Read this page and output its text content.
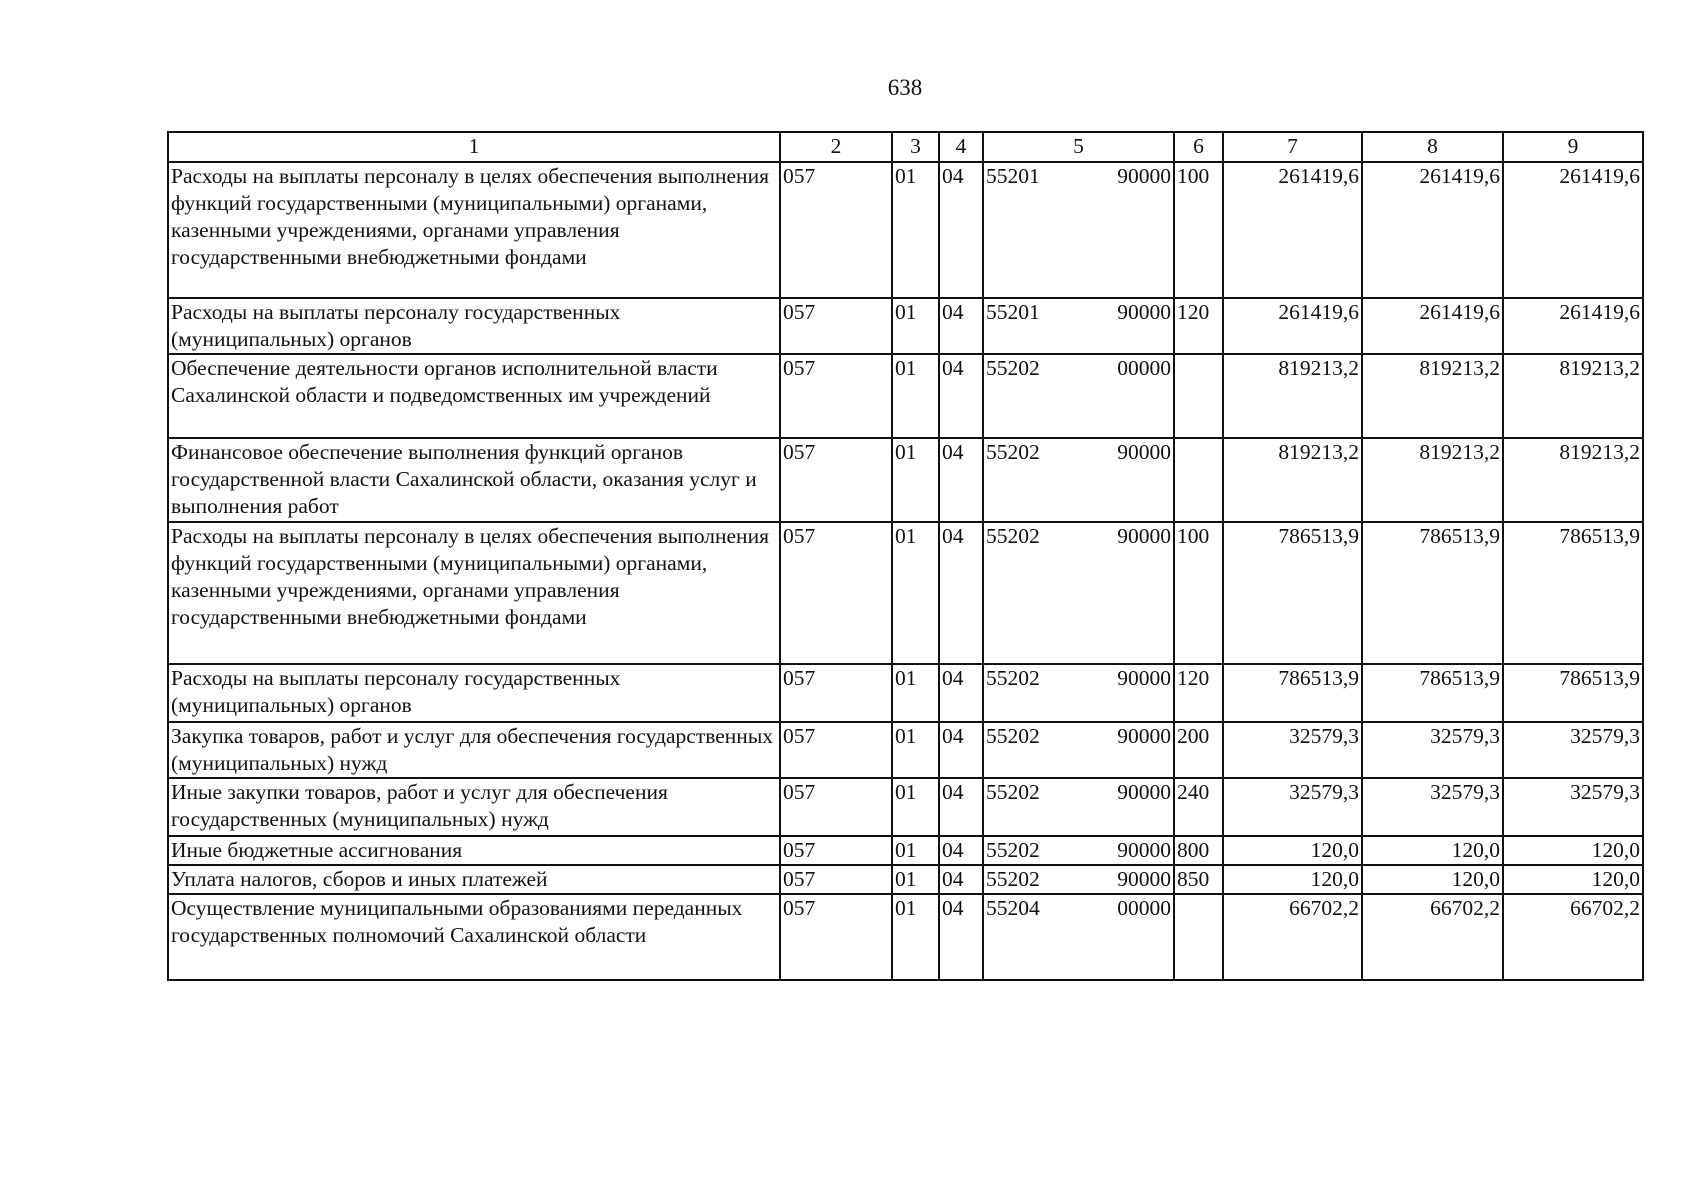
638
1	2	3	4	5	6	7	8	9
Расходы на выплаты персоналу в целях обеспечения выполнения функций государственными (муниципальными) органами, казенными учреждениями, органами управления государственными внебюджетными фондами	057	01	04	55201 90000	100	261419,6	261419,6	261419,6

Расходы на выплаты персоналу государственных (муниципальных) органов	057	01	04	55201 90000	120	261419,6	261419,6	261419,6

Обеспечение деятельности органов исполнительной власти Сахалинской области и подведомственных им учреждений	057	01	04	55202 00000		819213,2	819213,2	819213,2

Финансовое обеспечение выполнения функций органов государственной власти Сахалинской области, оказания услуг и выполнения работ	057	01	04	55202 90000		819213,2	819213,2	819213,2

Расходы на выплаты персоналу в целях обеспечения выполнения функций государственными (муниципальными) органами, казенными учреждениями, органами управления государственными внебюджетными фондами	057	01	04	55202 90000	100	786513,9	786513,9	786513,9

Расходы на выплаты персоналу государственных (муниципальных) органов	057	01	04	55202 90000	120	786513,9	786513,9	786513,9

Закупка товаров, работ и услуг для обеспечения государственных (муниципальных) нужд	057	01	04	55202 90000	200	32579,3	32579,3	32579,3

Иные закупки товаров, работ и услуг для обеспечения государственных (муниципальных) нужд	057	01	04	55202 90000	240	32579,3	32579,3	32579,3

Иные бюджетные ассигнования	057	01	04	55202 90000	800	120,0	120,0	120,0

Уплата налогов, сборов и иных платежей	057	01	04	55202 90000	850	120,0	120,0	120,0

Осуществление муниципальными образованиями переданных государственных полномочий Сахалинской области	057	01	04	55204 00000		66702,2	66702,2	66702,2
